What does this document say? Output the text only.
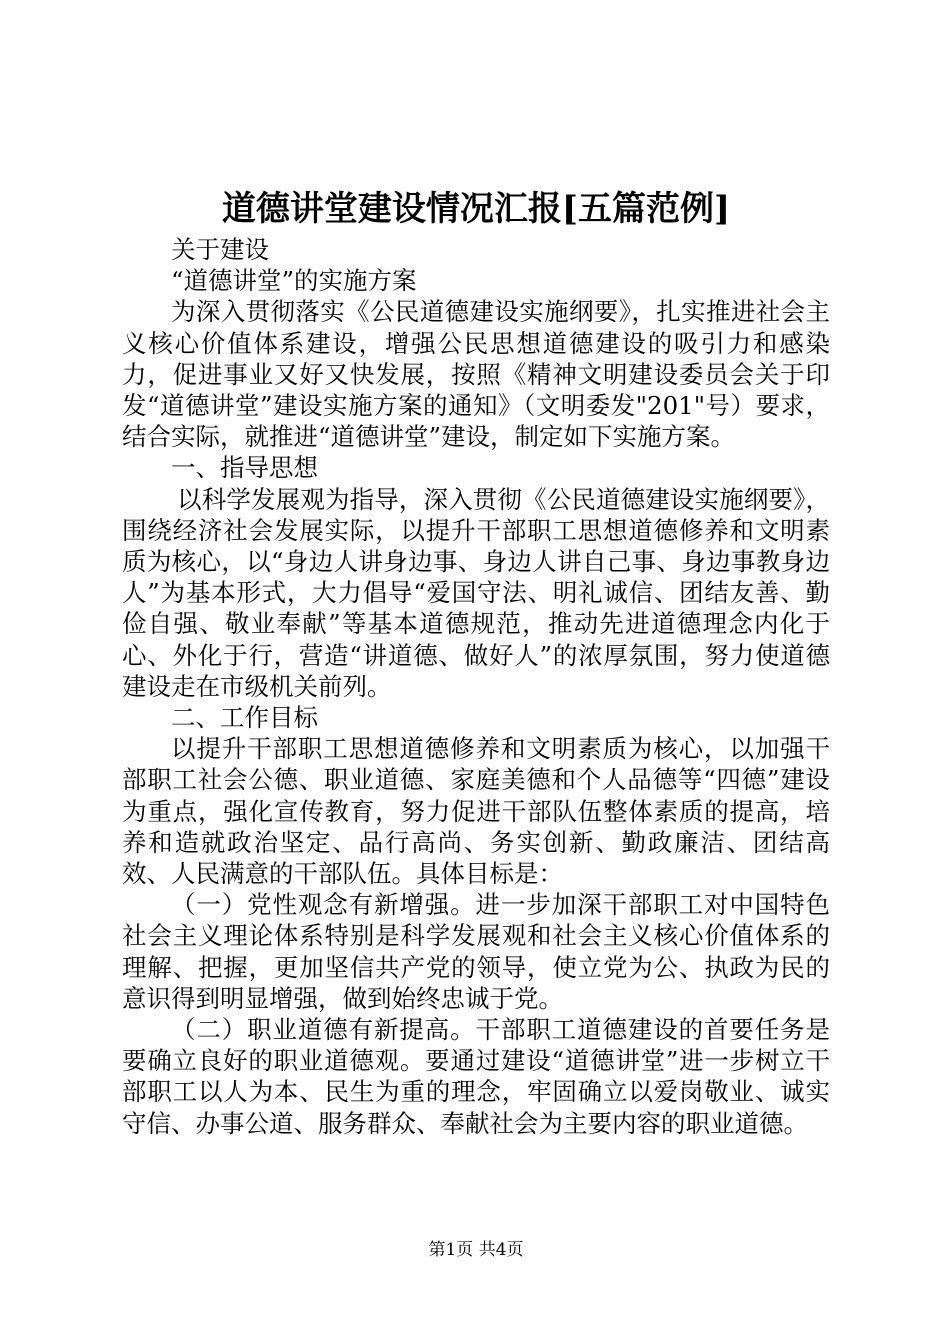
道德讲堂建设情况汇报[五篇范例]

关于建设

“道德讲堂”的实施方案

为深入贯彻落实《公民道德建设实施纲要》，扎实推进社会主义核心价值体系建设，增强公民思想道德建设的吸引力和感染力，促进事业又好又快发展，按照《精神文明建设委员会关于印发“道德讲堂”建设实施方案的通知》（文明委发"201"号）要求，结合实际，就推进“道德讲堂”建设，制定如下实施方案。

一、指导思想

以科学发展观为指导，深入贯彻《公民道德建设实施纲要》，围绕经济社会发展实际，以提升干部职工思想道德修养和文明素质为核心，以“身边人讲身边事、身边人讲自己事、身边事教身边人”为基本形式，大力倡导“爱国守法、明礼诚信、团结友善、勤俭自强、敬业奉献”等基本道德规范，推动先进道德理念内化于心、外化于行，营造“讲道德、做好人”的浓厚氛围，努力使道德建设走在市级机关前列。

二、工作目标

以提升干部职工思想道德修养和文明素质为核心，以加强干部职工社会公德、职业道德、家庭美德和个人品德等“四德”建设为重点，强化宣传教育，努力促进干部队伍整体素质的提高，培养和造就政治坚定、品行高尚、务实创新、勤政廉洁、团结高效、人民满意的干部队伍。具体目标是：

（一）党性观念有新增强。进一步加深干部职工对中国特色社会主义理论体系特别是科学发展观和社会主义核心价值体系的理解、把握，更加坚信共产党的领导，使立党为公、执政为民的意识得到明显增强，做到始终忠诚于党。

（二）职业道德有新提高。干部职工道德建设的首要任务是要确立良好的职业道德观。要通过建设“道德讲堂”进一步树立干部职工以人为本、民生为重的理念，牢固确立以爱岗敬业、诚实守信、办事公道、服务群众、奉献社会为主要内容的职业道德。

第1页 共4页
